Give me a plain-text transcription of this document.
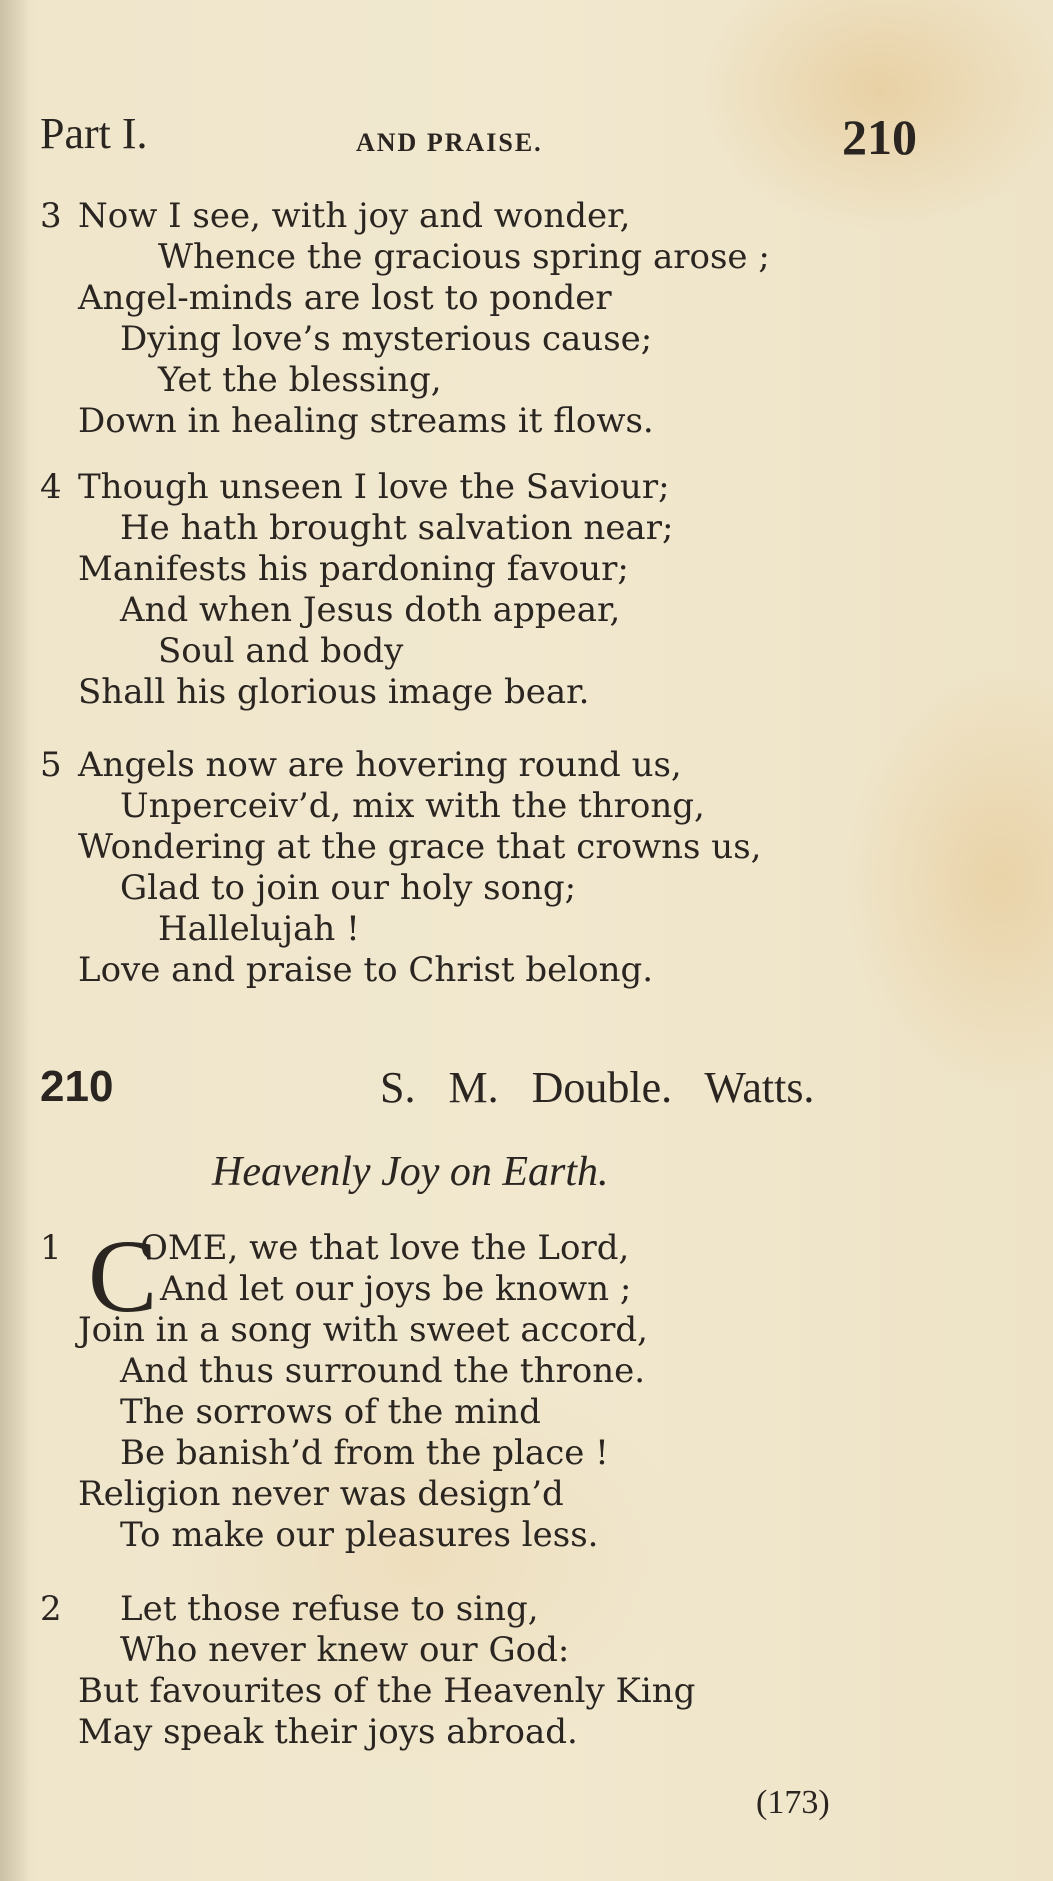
Part I.	AND PRAISE.	210
3 Now I see, with joy and wonder,
Whence the gracious spring arose ;
Angel-minds are lost to ponder
Dying love’s mysterious cause;
Yet the blessing,
Down in healing streams it flows.
4 Though unseen I love the Saviour;
He hath brought salvation near;
Manifests his pardoning favour;
And when Jesus doth appear,
Soul and body
Shall his glorious image bear.
5 Angels now are hovering round us,
Unperceiv’d, mix with the throng,
Wondering at the grace that crowns us,
Glad to join our holy song;
Hallelujah !
Love and praise to Christ belong.
210	S. M. Double. Watts.
Heavenly Joy on Earth.
C
1 OME, we that love the Lord,
And let our joys be known ;
Join in a song with sweet accord,
And thus surround the throne.
The sorrows of the mind
Be banish’d from the place !
Religion never was design’d
To make our pleasures less.
2 Let those refuse to sing,
Who never knew our God:
But favourites of the Heavenly King
May speak their joys abroad.
(173)
